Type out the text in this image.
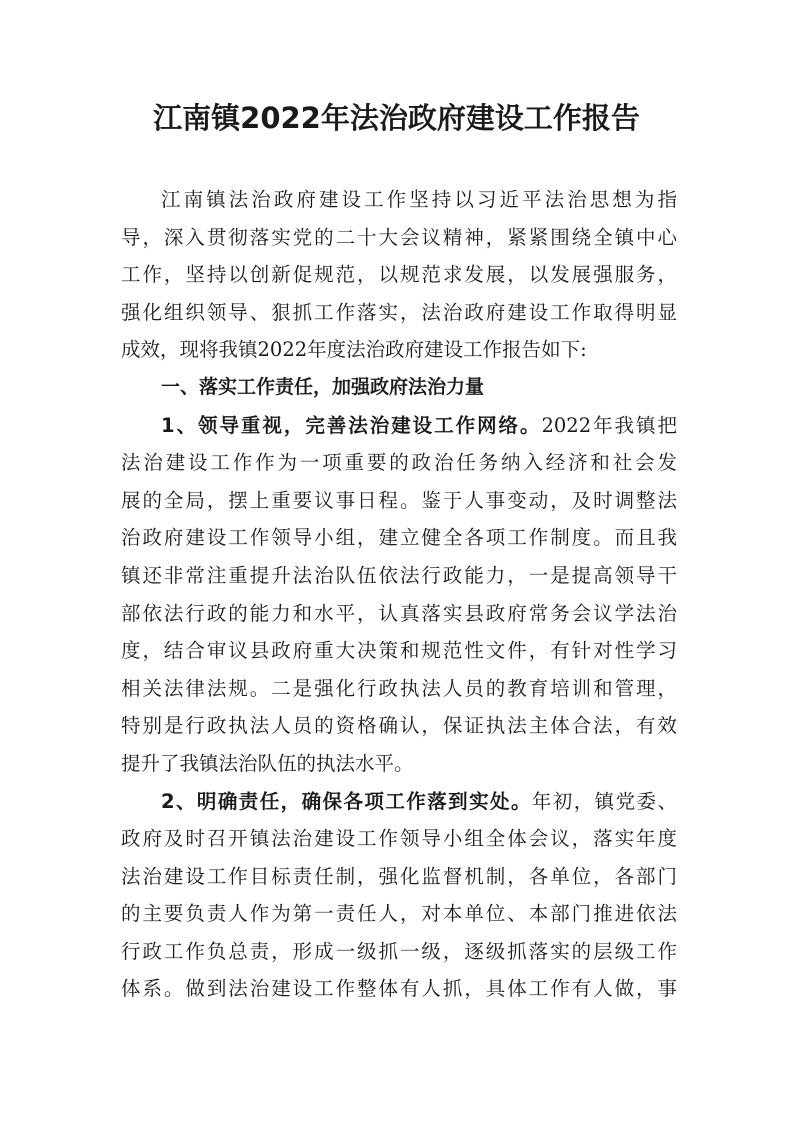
江南镇2022年法治政府建设工作报告
江南镇法治政府建设工作坚持以习近平法治思想为指
导，深入贯彻落实党的二十大会议精神，紧紧围绕全镇中心
工作，坚持以创新促规范，以规范求发展，以发展强服务，
强化组织领导、狠抓工作落实，法治政府建设工作取得明显
成效，现将我镇2022年度法治政府建设工作报告如下:
一、落实工作责任，加强政府法治力量
1、领导重视，完善法治建设工作网络。2022年我镇把
法治建设工作作为一项重要的政治任务纳入经济和社会发
展的全局，摆上重要议事日程。鉴于人事变动，及时调整法
治政府建设工作领导小组，建立健全各项工作制度。而且我
镇还非常注重提升法治队伍依法行政能力，一是提高领导干
部依法行政的能力和水平，认真落实县政府常务会议学法治
度，结合审议县政府重大决策和规范性文件，有针对性学习
相关法律法规。二是强化行政执法人员的教育培训和管理，
特别是行政执法人员的资格确认，保证执法主体合法，有效
提升了我镇法治队伍的执法水平。
2、明确责任，确保各项工作落到实处。年初，镇党委、
政府及时召开镇法治建设工作领导小组全体会议，落实年度
法治建设工作目标责任制，强化监督机制，各单位，各部门
的主要负责人作为第一责任人，对本单位、本部门推进依法
行政工作负总责，形成一级抓一级，逐级抓落实的层级工作
体系。做到法治建设工作整体有人抓，具体工作有人做，事
